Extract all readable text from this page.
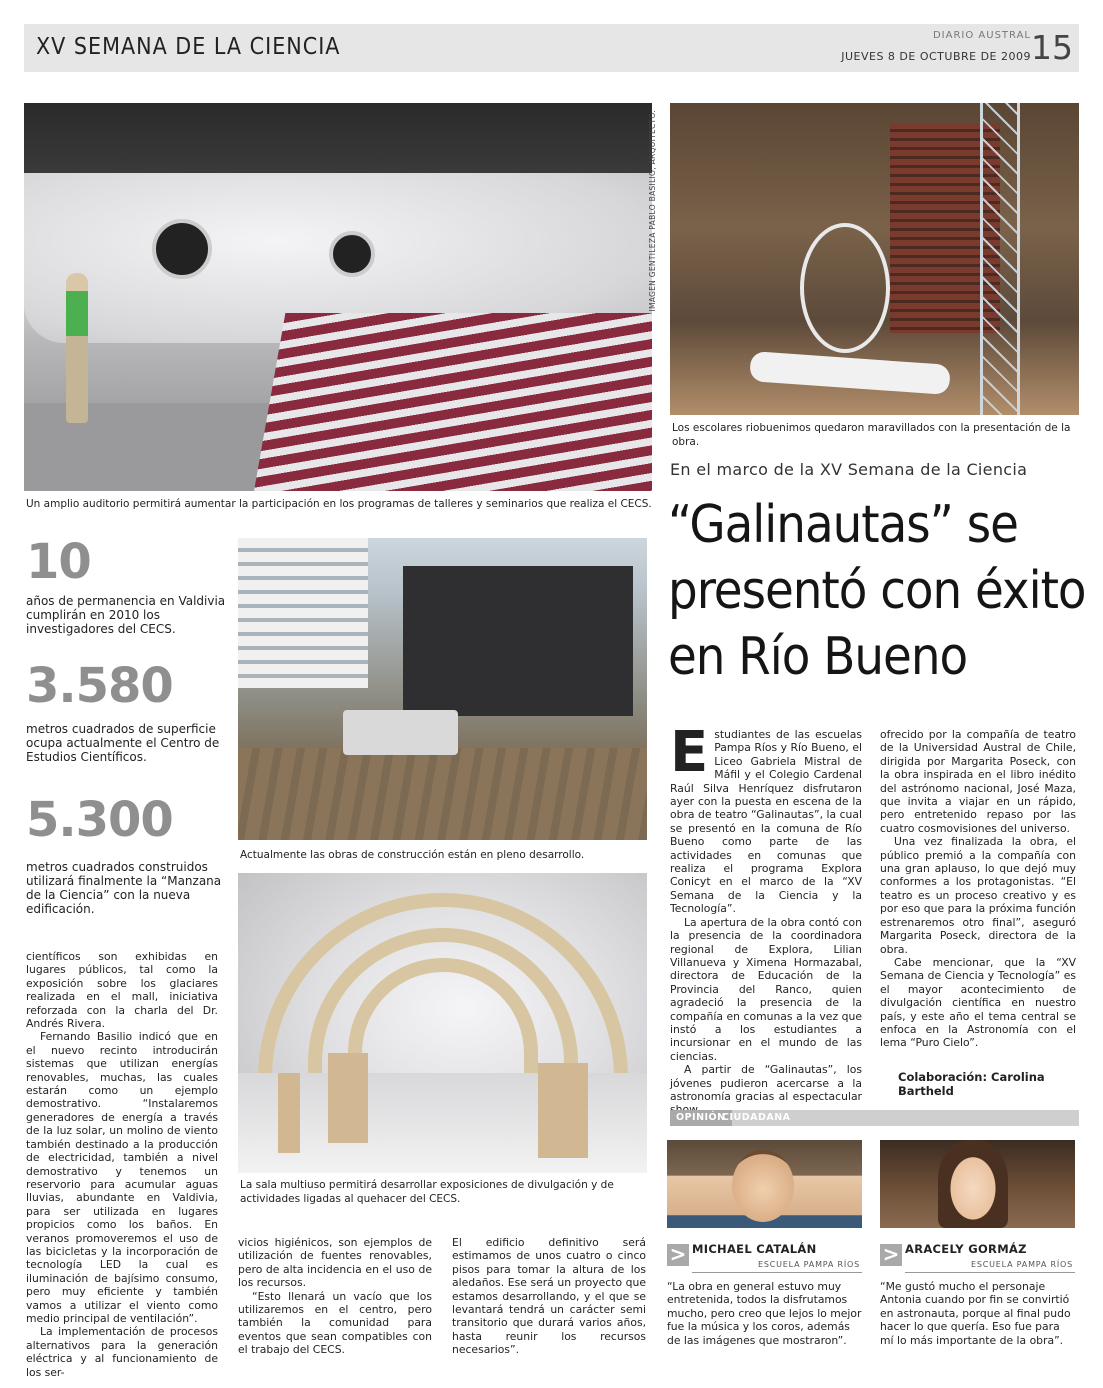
XV SEMANA DE LA CIENCIA	DIARIO AUSTRAL
JUEVES 8 DE OCTUBRE DE 2009 15
IMAGEN GENTILEZA PABLO BASILIO, ARQUITECTO.
Un amplio auditorio permitirá aumentar la participación en los programas de talleres y seminarios que realiza el CECS.
Los escolares riobuenimos quedaron maravillados con la presentación de la obra.
10
años de permanencia en Valdivia cumplirán en 2010 los investigadores del CECS.
3.580
metros cuadrados de superficie ocupa actualmente el Centro de Estudios Científicos.
5.300
metros cuadrados construidos utilizará finalmente la “Manzana de la Ciencia” con la nueva edificación.
Actualmente las obras de construcción están en pleno desarrollo.
La sala multiuso permitirá desarrollar exposiciones de divulgación y de actividades ligadas al quehacer del CECS.

científicos son exhibidas en lugares públicos, tal como la exposición sobre los glaciares realizada en el mall, iniciativa reforzada con la charla del Dr. Andrés Rivera.

Fernando Basilio indicó que en el nuevo recinto introducirán sistemas que utilizan energías renovables, muchas, las cuales estarán como un ejemplo demostrativo. “Instalaremos generadores de energía a través de la luz solar, un molino de viento también destinado a la producción de electricidad, también a nivel demostrativo y tenemos un reservorio para acumular aguas lluvias, abundante en Valdivia, para ser utilizada en lugares propicios como los baños. En veranos promoveremos el uso de las bicicletas y la incorporación de tecnología LED la cual es iluminación de bajísimo consumo, pero muy eficiente y también vamos a utilizar el viento como medio principal de ventilación”.

La implementación de procesos alternativos para la generación eléctrica y al funcionamiento de los ser-

vicios higiénicos, son ejemplos de utilización de fuentes renovables, pero de alta incidencia en el uso de los recursos.

“Esto llenará un vacío que los utilizaremos en el centro, pero también la comunidad para eventos que sean compatibles con el trabajo del CECS.

El edificio definitivo será estimamos de unos cuatro o cinco pisos para tomar la altura de los aledaños. Ese será un proyecto que estamos desarrollando, y el que se levantará tendrá un carácter semi transitorio que durará varios años, hasta reunir los recursos necesarios”.

En el marco de la XV Semana de la Ciencia
“Galinautas” se presentó con éxito en Río Bueno

Estudiantes de las escuelas Pampa Ríos y Río Bueno, el Liceo Gabriela Mistral de Máfil y el Colegio Cardenal Raúl Silva Henríquez disfrutaron ayer con la puesta en escena de la obra de teatro “Galinautas”, la cual se presentó en la comuna de Río Bueno como parte de las actividades en comunas que realiza el programa Explora Conicyt en el marco de la “XV Semana de la Ciencia y la Tecnología”.

La apertura de la obra contó con la presencia de la coordinadora regional de Explora, Lilian Villanueva y Ximena Hormazabal, directora de Educación de la Provincia del Ranco, quien agradeció la presencia de la compañía en comunas a la vez que instó a los estudiantes a incursionar en el mundo de las ciencias.

A partir de “Galinautas”, los jóvenes pudieron acercarse a la astronomía gracias al espectacular

ofrecido por la compañía de teatro de la Universidad Austral de Chile, dirigida por Margarita Poseck, con la obra inspirada en el libro inédito del astrónomo nacional, José Maza, que invita a viajar en un rápido, pero entretenido repaso por las cuatro cosmovisiones del universo.

Una vez finalizada la obra, el público premió a la compañía con una gran aplauso, lo que dejó muy conformes a los protagonistas. “El teatro es un proceso creativo y es por eso que para la próxima función estrenaremos otro final”, aseguró Margarita Poseck, directora de la obra.

Cabe mencionar, que la “XV Semana de Ciencia y Tecnología” es el mayor acontecimiento de divulgación científica en nuestro país, y este año el tema central se enfoca en la Astronomía con el lema “Puro Cielo”.

Colaboración: Carolina Bartheld
OPINIÓN
CIUDADANA
> MICHAEL CATALÁN
ESCUELA PAMPA RÍOS
“La obra en general estuvo muy entretenida, todos la disfrutamos mucho, pero creo que lejos lo mejor fue la música y los coros, además de las imágenes que mostraron”.
> ARACELY GORMÁZ
ESCUELA PAMPA RÍOS
“Me gustó mucho el personaje Antonia cuando por fin se convirtió en astronauta, porque al final pudo hacer lo que quería. Eso fue para mí lo más importante de la obra”.
